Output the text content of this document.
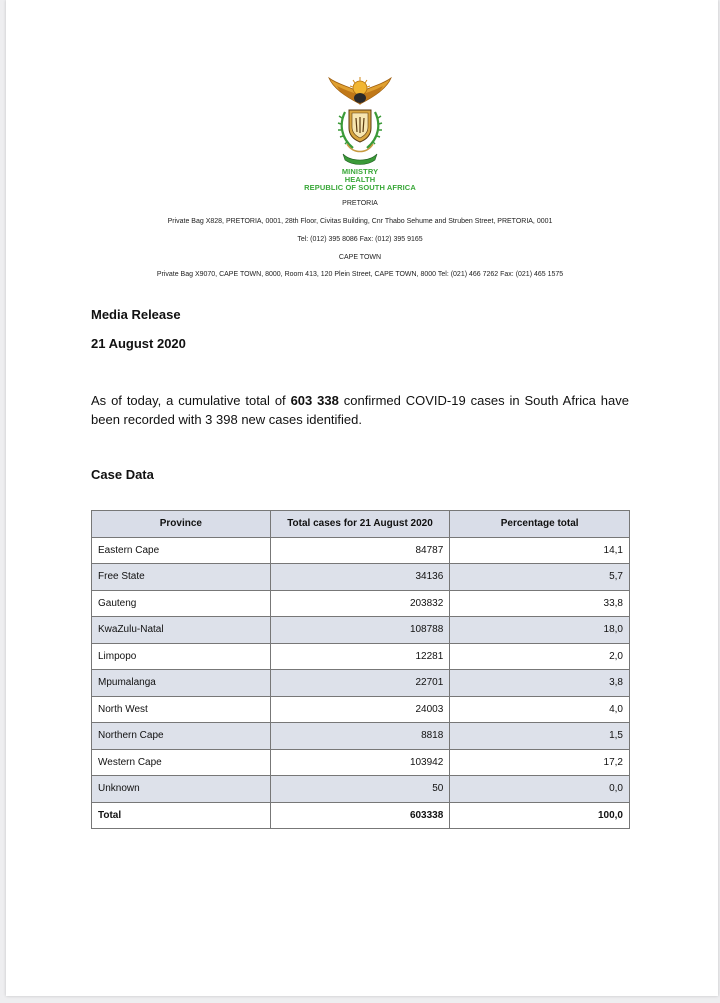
MINISTRY
HEALTH
REPUBLIC OF SOUTH AFRICA
PRETORIA
Private Bag X828, PRETORIA, 0001, 28th Floor, Civitas Building, Cnr Thabo Sehume and Struben Street, PRETORIA, 0001
Tel: (012) 395 8086 Fax: (012) 395 9165
CAPE TOWN
Private Bag X9070, CAPE TOWN, 8000, Room 413, 120 Plein Street, CAPE TOWN, 8000 Tel: (021) 466 7262 Fax: (021) 465 1575
Media Release
21 August 2020
As of today, a cumulative total of 603 338 confirmed COVID-19 cases in South Africa have been recorded with 3 398 new cases identified.
Case Data
Province	Total cases for 21 August 2020	Percentage total
Eastern Cape	84787	14,1
Free State	34136	5,7
Gauteng	203832	33,8
KwaZulu-Natal	108788	18,0
Limpopo	12281	2,0
Mpumalanga	22701	3,8
North West	24003	4,0
Northern Cape	8818	1,5
Western Cape	103942	17,2
Unknown	50	0,0
Total	603338	100,0
